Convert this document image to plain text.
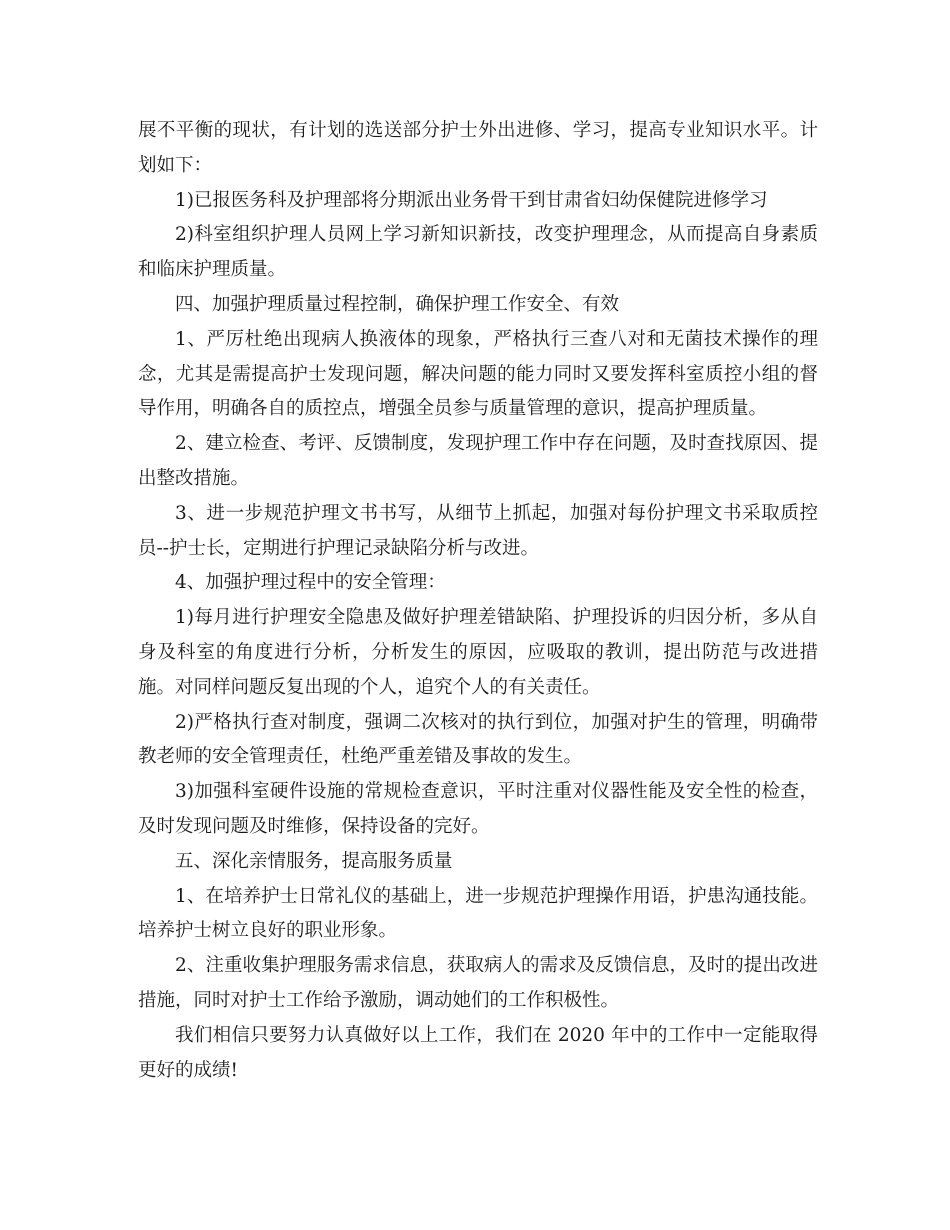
展不平衡的现状，有计划的选送部分护士外出进修、学习，提高专业知识水平。计划如下：

1)已报医务科及护理部将分期派出业务骨干到甘肃省妇幼保健院进修学习

2)科室组织护理人员网上学习新知识新技，改变护理理念，从而提高自身素质和临床护理质量。

四、加强护理质量过程控制，确保护理工作安全、有效

1、严厉杜绝出现病人换液体的现象，严格执行三查八对和无菌技术操作的理念，尤其是需提高护士发现问题，解决问题的能力同时又要发挥科室质控小组的督导作用，明确各自的质控点，增强全员参与质量管理的意识，提高护理质量。

2、建立检查、考评、反馈制度，发现护理工作中存在问题，及时查找原因、提出整改措施。

3、进一步规范护理文书书写，从细节上抓起，加强对每份护理文书采取质控员--护士长，定期进行护理记录缺陷分析与改进。

4、加强护理过程中的安全管理：

1)每月进行护理安全隐患及做好护理差错缺陷、护理投诉的归因分析，多从自身及科室的角度进行分析，分析发生的原因，应吸取的教训，提出防范与改进措施。对同样问题反复出现的个人，追究个人的有关责任。

2)严格执行查对制度，强调二次核对的执行到位，加强对护生的管理，明确带教老师的安全管理责任，杜绝严重差错及事故的发生。

3)加强科室硬件设施的常规检查意识，平时注重对仪器性能及安全性的检查，及时发现问题及时维修，保持设备的完好。

五、深化亲情服务，提高服务质量

1、在培养护士日常礼仪的基础上，进一步规范护理操作用语，护患沟通技能。培养护士树立良好的职业形象。

2、注重收集护理服务需求信息，获取病人的需求及反馈信息，及时的提出改进措施，同时对护士工作给予激励，调动她们的工作积极性。

我们相信只要努力认真做好以上工作，我们在 2020 年中的工作中一定能取得更好的成绩!
